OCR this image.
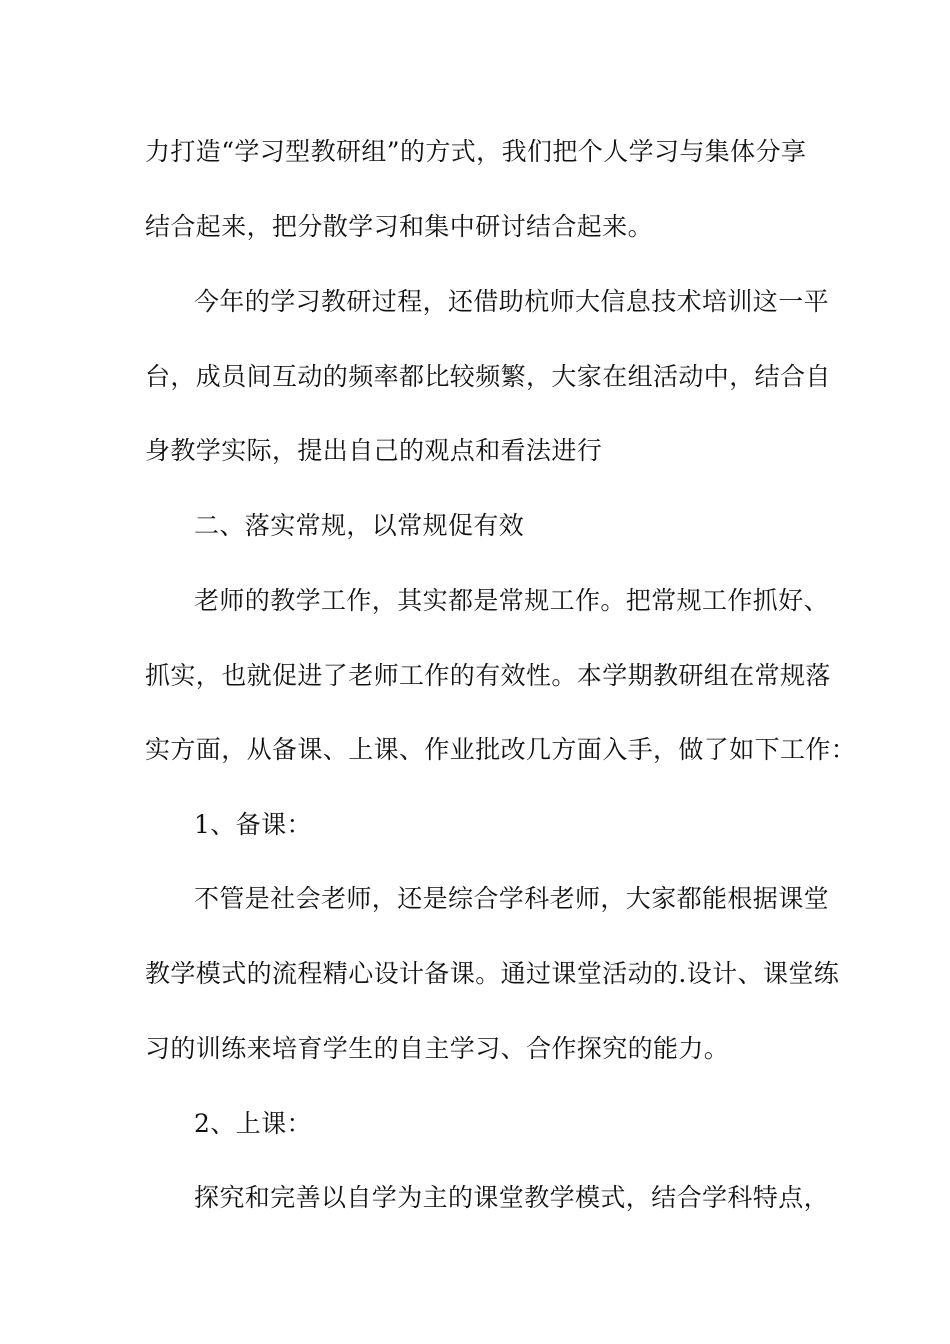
力打造“学习型教研组”的方式，我们把个人学习与集体分享
结合起来，把分散学习和集中研讨结合起来。
今年的学习教研过程，还借助杭师大信息技术培训这一平
台，成员间互动的频率都比较频繁，大家在组活动中，结合自
身教学实际，提出自己的观点和看法进行
二、落实常规，以常规促有效
老师的教学工作，其实都是常规工作。把常规工作抓好、
抓实，也就促进了老师工作的有效性。本学期教研组在常规落
实方面，从备课、上课、作业批改几方面入手，做了如下工作：
1、备课：
不管是社会老师，还是综合学科老师，大家都能根据课堂
教学模式的流程精心设计备课。通过课堂活动的.设计、课堂练
习的训练来培育学生的自主学习、合作探究的能力。
2、上课：
探究和完善以自学为主的课堂教学模式，结合学科特点，
